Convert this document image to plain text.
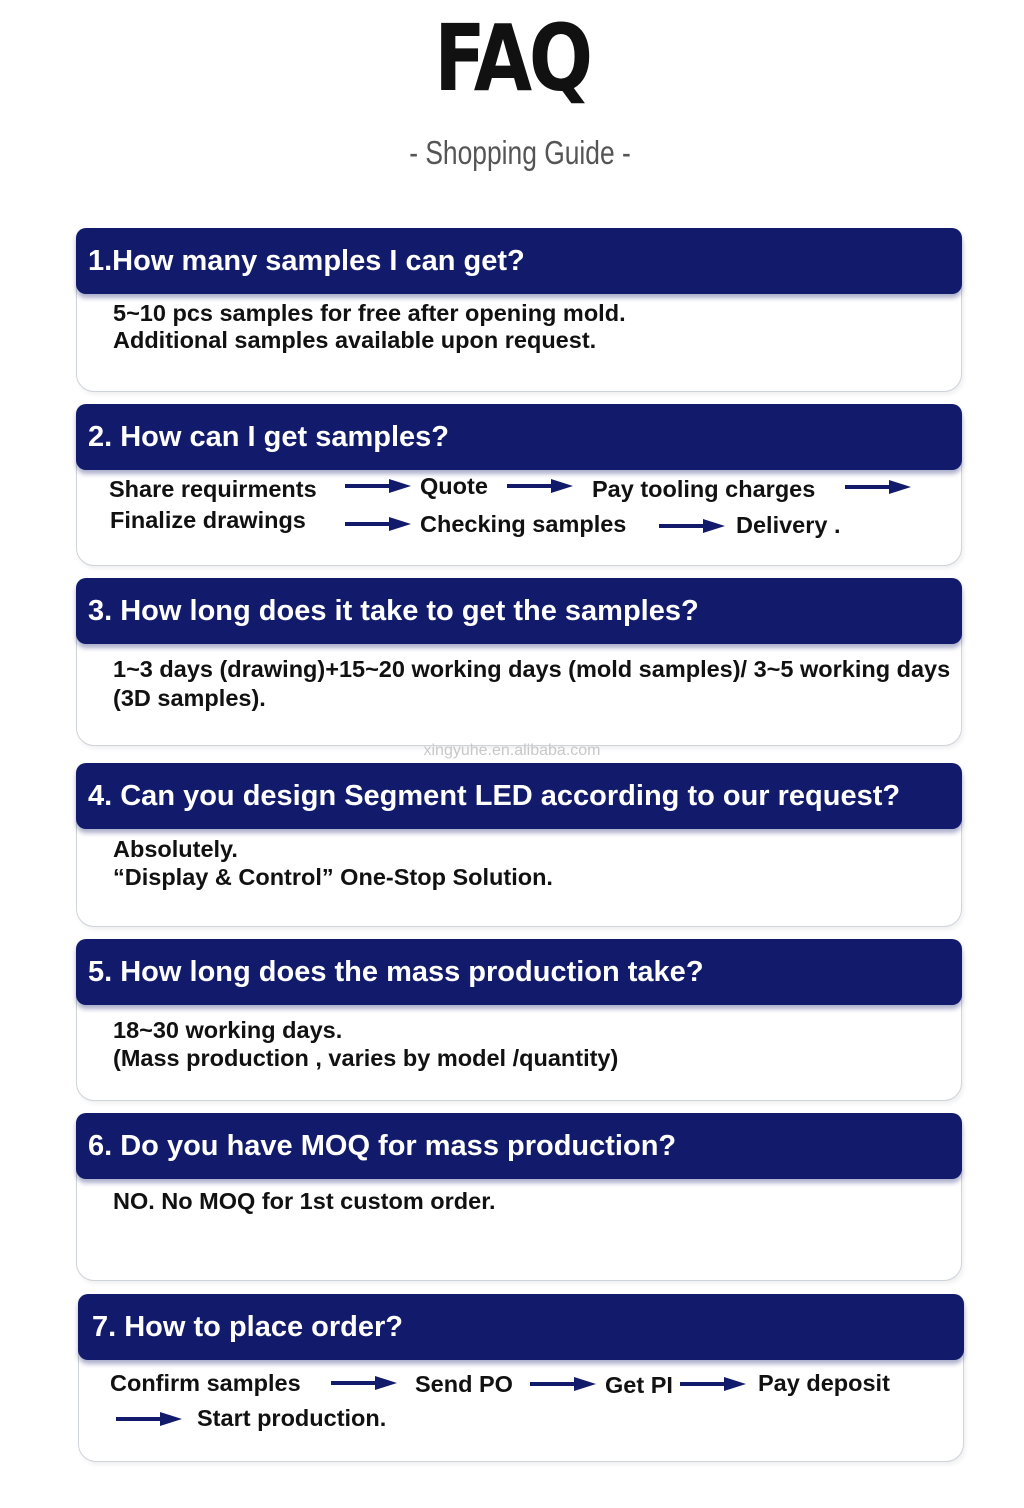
FAQ
- Shopping Guide -
1.How many samples I can get?
5~10 pcs samples for free after opening mold.
Additional samples available upon request.
2. How can I get samples?
Share requirments	Quote	Pay tooling charges
Finalize drawings	Checking samples	Delivery .
3. How long does it take to get the samples?
1~3 days (drawing)+15~20 working days (mold samples)/ 3~5 working days (3D samples).
xingyuhe.en.alibaba.com
4. Can you design Segment LED according to our request?
Absolutely.
“Display & Control” One-Stop Solution.
5. How long does the mass production take?
18~30 working days.
(Mass production , varies by model /quantity)
6. Do you have MOQ for mass production?
NO. No MOQ for 1st custom order.
7. How to place order?
Confirm samples	Send PO	Get PI	Pay deposit
Start production.
